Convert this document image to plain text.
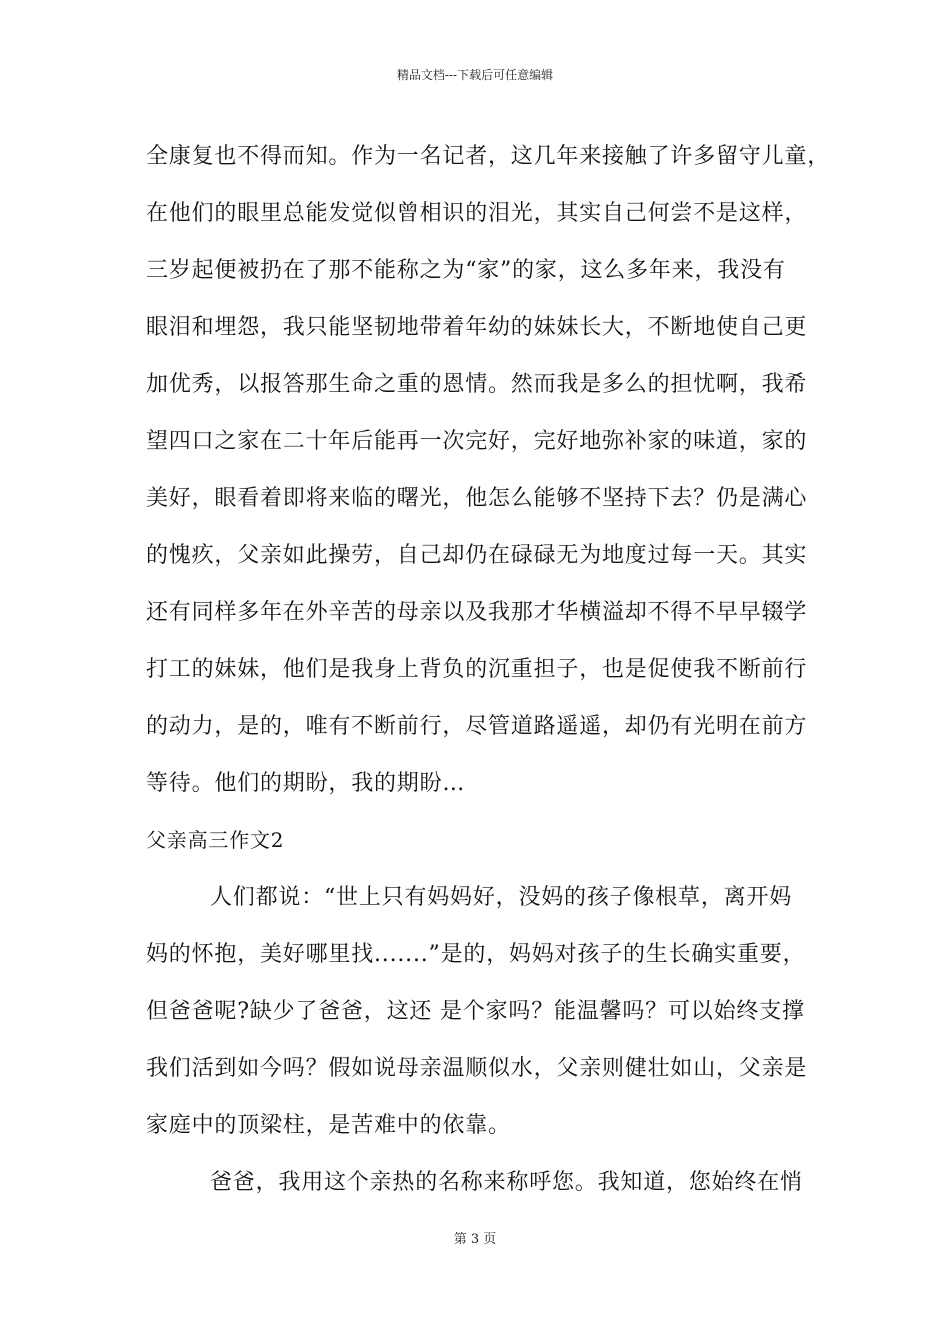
精品文档---下载后可任意编辑
全康复也不得而知。作为一名记者，这几年来接触了许多留守儿童，
在他们的眼里总能发觉似曾相识的泪光，其实自己何尝不是这样，
三岁起便被扔在了那不能称之为“家”的家，这么多年来，我没有
眼泪和埋怨，我只能坚韧地带着年幼的妹妹长大，不断地使自己更
加优秀，以报答那生命之重的恩情。然而我是多么的担忧啊，我希
望四口之家在二十年后能再一次完好，完好地弥补家的味道，家的
美好，眼看着即将来临的曙光，他怎么能够不坚持下去？仍是满心
的愧疚，父亲如此操劳，自己却仍在碌碌无为地度过每一天。其实
还有同样多年在外辛苦的母亲以及我那才华横溢却不得不早早辍学
打工的妹妹，他们是我身上背负的沉重担子，也是促使我不断前行
的动力，是的，唯有不断前行，尽管道路遥遥，却仍有光明在前方
等待。他们的期盼，我的期盼…
父亲高三作文2
人们都说：“世上只有妈妈好，没妈的孩子像根草，离开妈
妈的怀抱，美好哪里找.......”是的，妈妈对孩子的生长确实重要，
但爸爸呢?缺少了爸爸，这还 是个家吗？能温馨吗？可以始终支撑
我们活到如今吗？假如说母亲温顺似水，父亲则健壮如山，父亲是
家庭中的顶梁柱，是苦难中的依靠。
爸爸，我用这个亲热的名称来称呼您。我知道，您始终在悄
第 3 页
